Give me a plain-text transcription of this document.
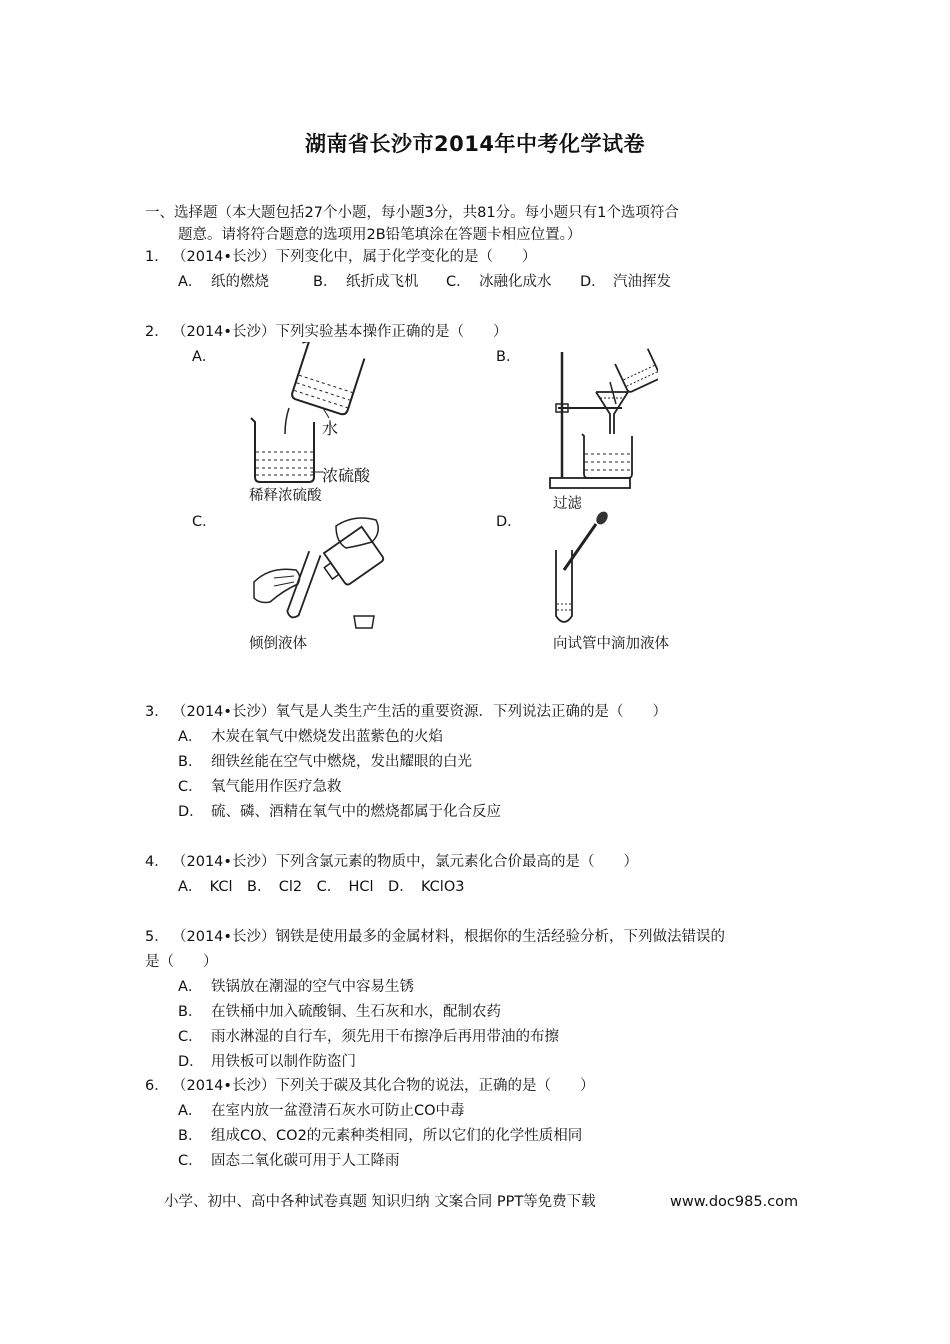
湖南省长沙市2014年中考化学试卷
一、选择题（本大题包括27个小题，每小题3分，共81分。每小题只有1个选项符合
题意。请将符合题意的选项用2B铅笔填涂在答题卡相应位置。）
1． （2014•长沙）下列变化中，属于化学变化的是（　　）
A． 纸的燃烧	B． 纸折成飞机 C． 冰融化成水 D． 汽油挥发
2． （2014•长沙）下列实验基本操作正确的是（　　）
A．	B．
C．	D．
水
浓硫酸
稀释浓硫酸	过滤
倾倒液体	向试管中滴加液体
3． （2014•长沙）氧气是人类生产生活的重要资源．下列说法正确的是（　　）
A． 木炭在氧气中燃烧发出蓝紫色的火焰
B． 细铁丝能在空气中燃烧，发出耀眼的白光
C． 氧气能用作医疗急救
D． 硫、磷、酒精在氧气中的燃烧都属于化合反应
4． （2014•长沙）下列含氯元素的物质中，氯元素化合价最高的是（　　）
A．　KCl　B．　Cl2　C．　HCl　D．　KClO3
5． （2014•长沙）钢铁是使用最多的金属材料，根据你的生活经验分析，下列做法错误的
是（　　）
B．
A． 铁锅放在潮湿的空气中容易生锈
在铁桶中加入硫酸铜、生石灰和水，配制农药
C． 雨水淋湿的自行车，须先用干布擦净后再用带油的布擦
D． 用铁板可以制作防盗门
6． （2014•长沙）下列关于碳及其化合物的说法，正确的是（　　）
A． 在室内放一盆澄清石灰水可防止CO中毒
B． 组成CO、CO2的元素种类相同，所以它们的化学性质相同
C． 固态二氧化碳可用于人工降雨
小学、初中、高中各种试卷真题 知识归纳 文案合同 PPT等免费下载	www.doc985.com
